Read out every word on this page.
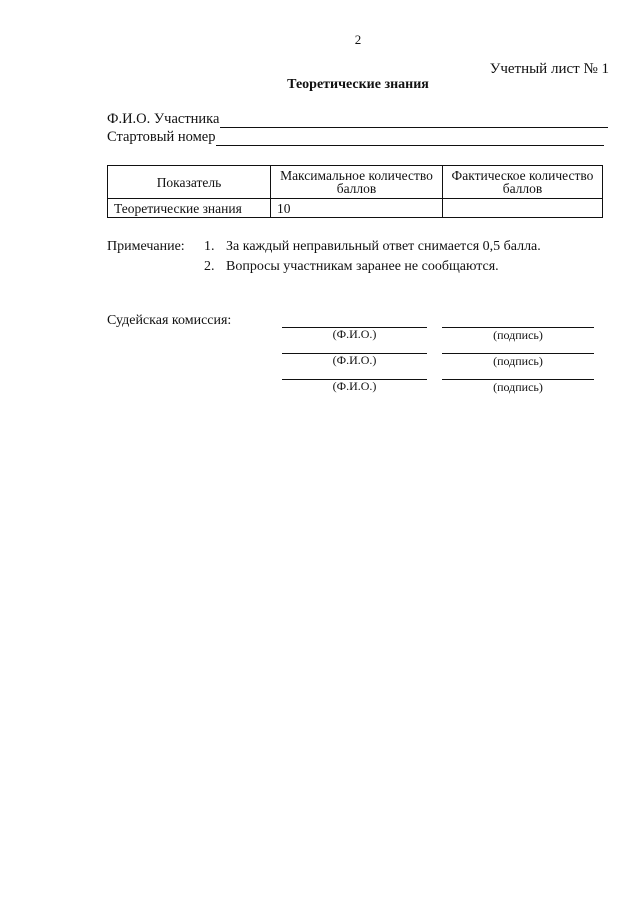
2
Учетный лист № 1
Теоретические знания
Ф.И.О. Участника
Стартовый номер
Показатель	Максимальное количество баллов	Фактическое количество баллов
Теоретические знания	10	
Примечание: 1. За каждый неправильный ответ снимается 0,5 балла.
2. Вопросы участникам заранее не сообщаются.
Судейская комиссия:
(Ф.И.О.)	(подпись)
(Ф.И.О.)	(подпись)
(Ф.И.О.)	(подпись)
